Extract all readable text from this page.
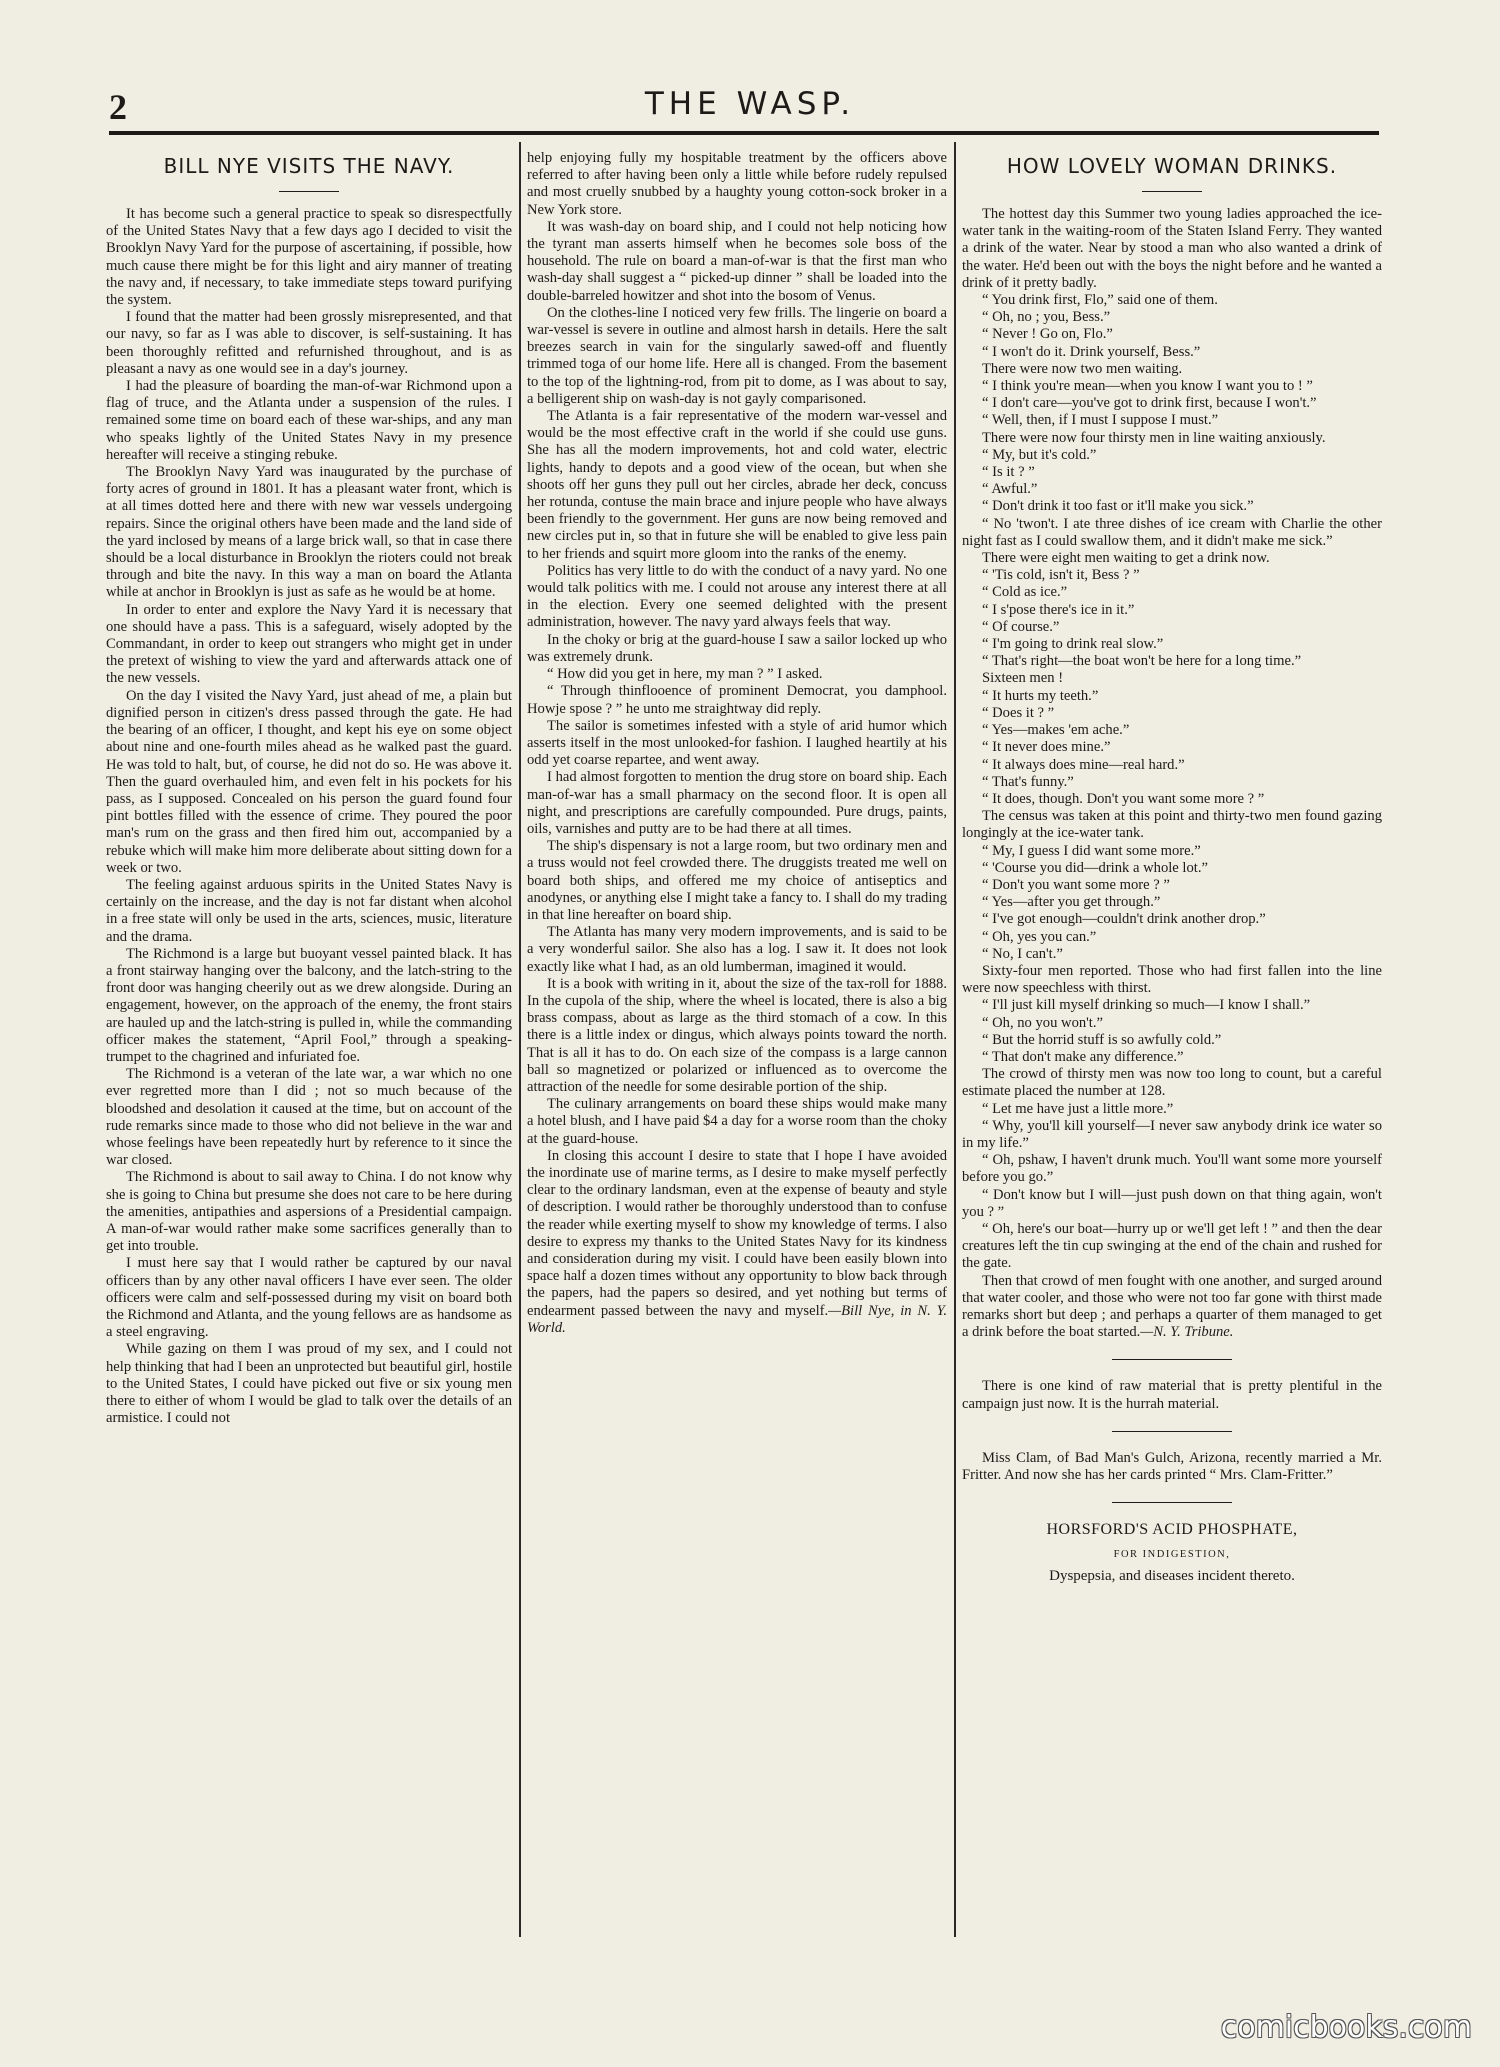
2	THE WASP.
BILL NYE VISITS THE NAVY.

It has become such a general practice to speak so disrespectfully of the United States Navy that a few days ago I decided to visit the Brooklyn Navy Yard for the purpose of ascertaining, if possible, how much cause there might be for this light and airy manner of treating the navy and, if necessary, to take immediate steps toward purifying the system.

I found that the matter had been grossly misrepresented, and that our navy, so far as I was able to discover, is self-sustaining. It has been thoroughly refitted and refurnished throughout, and is as pleasant a navy as one would see in a day's journey.

I had the pleasure of boarding the man-of-war Richmond upon a flag of truce, and the Atlanta under a suspension of the rules. I remained some time on board each of these war-ships, and any man who speaks lightly of the United States Navy in my presence hereafter will receive a stinging rebuke.

The Brooklyn Navy Yard was inaugurated by the purchase of forty acres of ground in 1801. It has a pleasant water front, which is at all times dotted here and there with new war vessels undergoing repairs. Since the original others have been made and the land side of the yard inclosed by means of a large brick wall, so that in case there should be a local disturbance in Brooklyn the rioters could not break through and bite the navy. In this way a man on board the Atlanta while at anchor in Brooklyn is just as safe as he would be at home.

In order to enter and explore the Navy Yard it is necessary that one should have a pass. This is a safeguard, wisely adopted by the Commandant, in order to keep out strangers who might get in under the pretext of wishing to view the yard and afterwards attack one of the new vessels.

On the day I visited the Navy Yard, just ahead of me, a plain but dignified person in citizen's dress passed through the gate. He had the bearing of an officer, I thought, and kept his eye on some object about nine and one-fourth miles ahead as he walked past the guard. He was told to halt, but, of course, he did not do so. He was above it. Then the guard overhauled him, and even felt in his pockets for his pass, as I supposed. Concealed on his person the guard found four pint bottles filled with the essence of crime. They poured the poor man's rum on the grass and then fired him out, accompanied by a rebuke which will make him more deliberate about sitting down for a week or two.

The feeling against arduous spirits in the United States Navy is certainly on the increase, and the day is not far distant when alcohol in a free state will only be used in the arts, sciences, music, literature and the drama.

The Richmond is a large but buoyant vessel painted black. It has a front stairway hanging over the balcony, and the latch-string to the front door was hanging cheerily out as we drew alongside. During an engagement, however, on the approach of the enemy, the front stairs are hauled up and the latch-string is pulled in, while the commanding officer makes the statement, “April Fool,” through a speaking-trumpet to the chagrined and infuriated foe.

The Richmond is a veteran of the late war, a war which no one ever regretted more than I did ; not so much because of the bloodshed and desolation it caused at the time, but on account of the rude remarks since made to those who did not believe in the war and whose feelings have been repeatedly hurt by reference to it since the war closed.

The Richmond is about to sail away to China. I do not know why she is going to China but presume she does not care to be here during the amenities, antipathies and aspersions of a Presidential campaign. A man-of-war would rather make some sacrifices generally than to get into trouble.

I must here say that I would rather be captured by our naval officers than by any other naval officers I have ever seen. The older officers were calm and self-possessed during my visit on board both the Richmond and Atlanta, and the young fellows are as handsome as a steel engraving.

While gazing on them I was proud of my sex, and I could not help thinking that had I been an unprotected but beautiful girl, hostile to the United States, I could have picked out five or six young men there to either of whom I would be glad to talk over the details of an armistice. I could not

help enjoying fully my hospitable treatment by the officers above referred to after having been only a little while before rudely repulsed and most cruelly snubbed by a haughty young cotton-sock broker in a New York store.

It was wash-day on board ship, and I could not help noticing how the tyrant man asserts himself when he becomes sole boss of the household. The rule on board a man-of-war is that the first man who wash-day shall suggest a “ picked-up dinner ” shall be loaded into the double-barreled howitzer and shot into the bosom of Venus.

On the clothes-line I noticed very few frills. The lingerie on board a war-vessel is severe in outline and almost harsh in details. Here the salt breezes search in vain for the singularly sawed-off and fluently trimmed toga of our home life. Here all is changed. From the basement to the top of the lightning-rod, from pit to dome, as I was about to say, a belligerent ship on wash-day is not gayly comparisoned.

The Atlanta is a fair representative of the modern war-vessel and would be the most effective craft in the world if she could use guns. She has all the modern improvements, hot and cold water, electric lights, handy to depots and a good view of the ocean, but when she shoots off her guns they pull out her circles, abrade her deck, concuss her rotunda, contuse the main brace and injure people who have always been friendly to the government. Her guns are now being removed and new circles put in, so that in future she will be enabled to give less pain to her friends and squirt more gloom into the ranks of the enemy.

Politics has very little to do with the conduct of a navy yard. No one would talk politics with me. I could not arouse any interest there at all in the election. Every one seemed delighted with the present administration, however. The navy yard always feels that way.

In the choky or brig at the guard-house I saw a sailor locked up who was extremely drunk.

“ How did you get in here, my man ? ” I asked.

“ Through thinflooence of prominent Democrat, you damphool. Howje spose ? ” he unto me straightway did reply.

The sailor is sometimes infested with a style of arid humor which asserts itself in the most unlooked-for fashion. I laughed heartily at his odd yet coarse repartee, and went away.

I had almost forgotten to mention the drug store on board ship. Each man-of-war has a small pharmacy on the second floor. It is open all night, and prescriptions are carefully compounded. Pure drugs, paints, oils, varnishes and putty are to be had there at all times.

The ship's dispensary is not a large room, but two ordinary men and a truss would not feel crowded there. The druggists treated me well on board both ships, and offered me my choice of antiseptics and anodynes, or anything else I might take a fancy to. I shall do my trading in that line hereafter on board ship.

The Atlanta has many very modern improvements, and is said to be a very wonderful sailor. She also has a log. I saw it. It does not look exactly like what I had, as an old lumberman, imagined it would.

It is a book with writing in it, about the size of the tax-roll for 1888. In the cupola of the ship, where the wheel is located, there is also a big brass compass, about as large as the third stomach of a cow. In this there is a little index or dingus, which always points toward the north. That is all it has to do. On each size of the compass is a large cannon ball so magnetized or polarized or influenced as to overcome the attraction of the needle for some desirable portion of the ship.

The culinary arrangements on board these ships would make many a hotel blush, and I have paid $4 a day for a worse room than the choky at the guard-house.

In closing this account I desire to state that I hope I have avoided the inordinate use of marine terms, as I desire to make myself perfectly clear to the ordinary landsman, even at the expense of beauty and style of description. I would rather be thoroughly understood than to confuse the reader while exerting myself to show my knowledge of terms. I also desire to express my thanks to the United States Navy for its kindness and consideration during my visit. I could have been easily blown into space half a dozen times without any opportunity to blow back through the papers, had the papers so desired, and yet nothing but terms of endearment passed between the navy and myself.—Bill Nye, in N. Y. World.

HOW LOVELY WOMAN DRINKS.

The hottest day this Summer two young ladies approached the ice-water tank in the waiting-room of the Staten Island Ferry. They wanted a drink of the water. Near by stood a man who also wanted a drink of the water. He'd been out with the boys the night before and he wanted a drink of it pretty badly.

“ You drink first, Flo,” said one of them.

“ Oh, no ; you, Bess.”

“ Never ! Go on, Flo.”

“ I won't do it. Drink yourself, Bess.”

There were now two men waiting.

“ I think you're mean—when you know I want you to ! ”

“ I don't care—you've got to drink first, because I won't.”

“ Well, then, if I must I suppose I must.”

There were now four thirsty men in line waiting anxiously.

“ My, but it's cold.”

“ Is it ? ”

“ Awful.”

“ Don't drink it too fast or it'll make you sick.”

“ No 'twon't. I ate three dishes of ice cream with Charlie the other night fast as I could swallow them, and it didn't make me sick.”

There were eight men waiting to get a drink now.

“ 'Tis cold, isn't it, Bess ? ”

“ Cold as ice.”

“ I s'pose there's ice in it.”

“ Of course.”

“ I'm going to drink real slow.”

“ That's right—the boat won't be here for a long time.”

Sixteen men !

“ It hurts my teeth.”

“ Does it ? ”

“ Yes—makes 'em ache.”

“ It never does mine.”

“ It always does mine—real hard.”

“ That's funny.”

“ It does, though. Don't you want some more ? ”

The census was taken at this point and thirty-two men found gazing longingly at the ice-water tank.

“ My, I guess I did want some more.”

“ 'Course you did—drink a whole lot.”

“ Don't you want some more ? ”

“ Yes—after you get through.”

“ I've got enough—couldn't drink another drop.”

“ Oh, yes you can.”

“ No, I can't.”

Sixty-four men reported. Those who had first fallen into the line were now speechless with thirst.

“ I'll just kill myself drinking so much—I know I shall.”

“ Oh, no you won't.”

“ But the horrid stuff is so awfully cold.”

“ That don't make any difference.”

The crowd of thirsty men was now too long to count, but a careful estimate placed the number at 128.

“ Let me have just a little more.”

“ Why, you'll kill yourself—I never saw anybody drink ice water so in my life.”

“ Oh, pshaw, I haven't drunk much. You'll want some more yourself before you go.”

“ Don't know but I will—just push down on that thing again, won't you ? ”

“ Oh, here's our boat—hurry up or we'll get left ! ” and then the dear creatures left the tin cup swinging at the end of the chain and rushed for the gate.

Then that crowd of men fought with one another, and surged around that water cooler, and those who were not too far gone with thirst made remarks short but deep ; and perhaps a quarter of them managed to get a drink before the boat started.—N. Y. Tribune.

There is one kind of raw material that is pretty plentiful in the campaign just now. It is the hurrah material.

Miss Clam, of Bad Man's Gulch, Arizona, recently married a Mr. Fritter. And now she has her cards printed “ Mrs. Clam-Fritter.”

HORSFORD'S ACID PHOSPHATE,
FOR INDIGESTION,
Dyspepsia, and diseases incident thereto.
comicbooks.com
